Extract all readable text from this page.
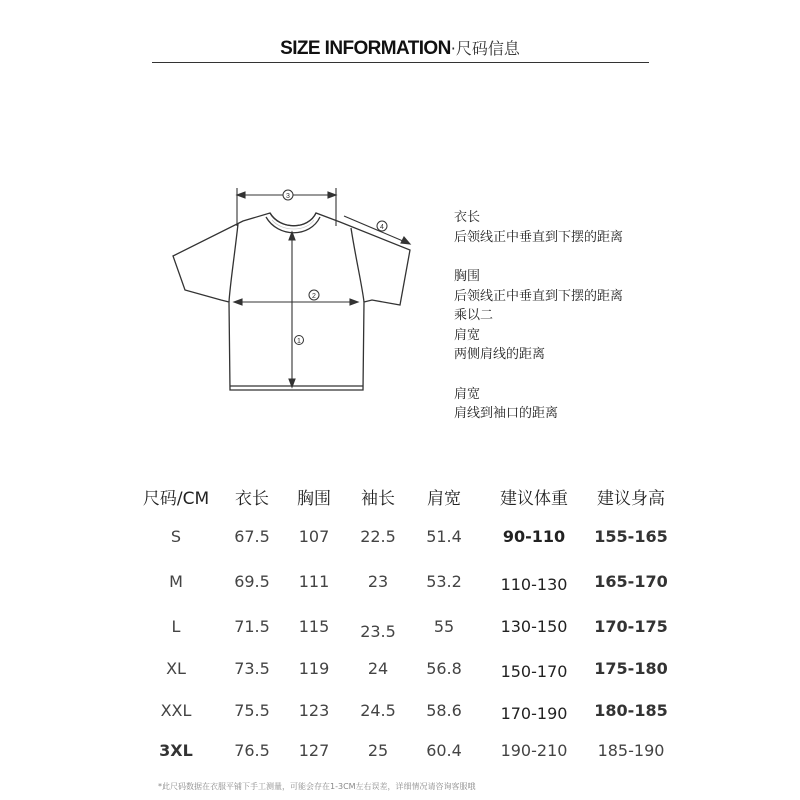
SIZE INFORMATION·尺码信息
3
2
1
4
衣长
后领线正中垂直到下摆的距离
胸围
后领线正中垂直到下摆的距离
乘以二
肩宽
两侧肩线的距离
肩宽
肩线到袖口的距离
尺码/CM 衣长 胸围 袖长 肩宽 建议体重 建议身高
S	67.5 107 22.5 51.4	90-110 155-165
M	69.5 111 23 53.2 110-130 165-170
L	71.5 115 23.5 55	130-150 170-175
XL	73.5 119 24 56.8 150-170 175-180
XXL	75.5 123 24.5 58.6 170-190 180-185
3XL	76.5 127 25 60.4 190-210 185-190
*此尺码数据在衣服平铺下手工测量，可能会存在1-3CM左右误差，详细情况请咨询客服哦
